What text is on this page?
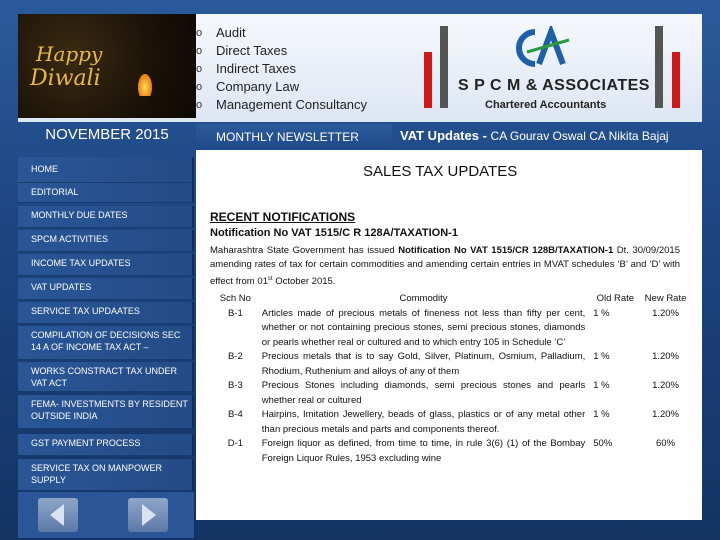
Happy
Diwali
o	Audit
o	Direct Taxes
o	Indirect Taxes
o	Company Law
o	Management Consultancy
S P C M & ASSOCIATES
Chartered Accountants
NOVEMBER 2015
HOME
EDITORIAL
MONTHLY DUE DATES
SPCM ACTIVITIES
INCOME TAX UPDATES
VAT UPDATES
SERVICE TAX UPDAATES
COMPILATION OF DECISIONS SEC 14 A OF INCOME TAX ACT –
WORKS CONSTRACT TAX UNDER VAT ACT
FEMA- INVESTMENTS BY RESIDENT OUTSIDE INDIA
GST PAYMENT PROCESS
SERVICE TAX ON MANPOWER SUPPLY
MONTHLY NEWSLETTER	VAT Updates - CA Gourav Oswal CA Nikita Bajaj
SALES TAX UPDATES
RECENT NOTIFICATIONS
Notification No VAT 1515/C R 128A/TAXATION-1
Maharashtra State Government has issued Notification No VAT 1515/CR 128B/TAXATION-1 Dt. 30/09/2015 amending rates of tax for certain commodities and amending certain entries in MVAT schedules ‘B’ and ‘D’ with effect from 01st October 2015.
Sch No	Commodity	Old Rate	New Rate
B-1	Articles made of precious metals of fineness not less than fifty per cent, whether or not containing precious stones, semi precious stones, diamonds or pearls whether real or cultured and to which entry 105 in Schedule ‘C’	1 %	1.20%
B-2	Precious metals that is to say Gold, Silver, Platinum, Osmium, Palladium, Rhodium, Ruthenium and alloys of any of them	1 %	1.20%
B-3	Precious Stones including diamonds, semi precious stones and pearls whether real or cultured	1 %	1.20%
B-4	Hairpins, Imitation Jewellery, beads of glass, plastics or of any metal other than precious metals and parts and components thereof.	1 %	1.20%
D-1	Foreign liquor as defined, from time to time, in rule 3(6) (1) of the Bombay Foreign Liquor Rules, 1953 excluding wine	50%	60%
